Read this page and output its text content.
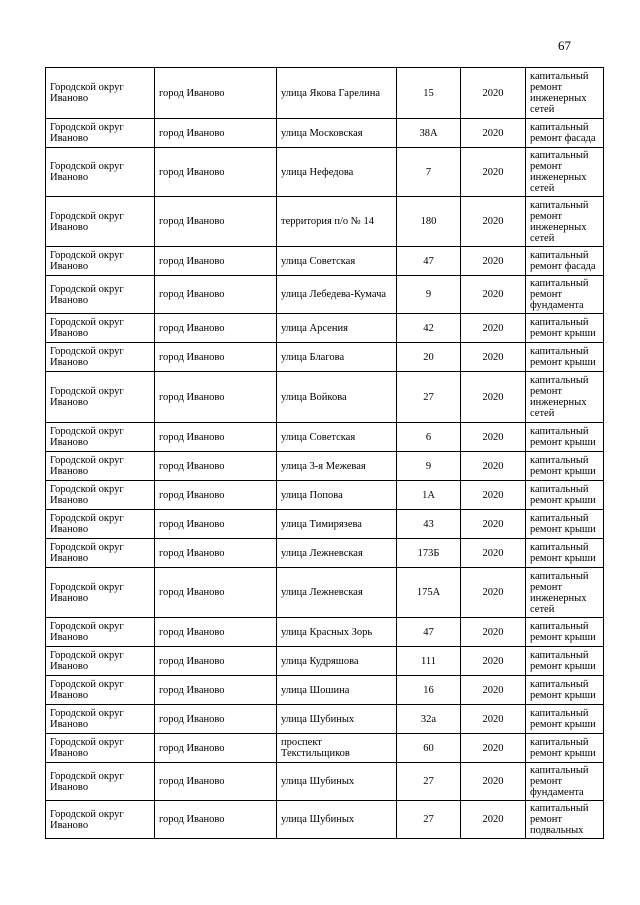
67
Городской округ Иваново	город Иваново	улица Якова Гарелина	15	2020	капитальный ремонт инженерных сетей
Городской округ Иваново	город Иваново	улица Московская	38А	2020	капитальный ремонт фасада
Городской округ Иваново	город Иваново	улица Нефедова	7	2020	капитальный ремонт инженерных сетей
Городской округ Иваново	город Иваново	территория п/о № 14	180	2020	капитальный ремонт инженерных сетей
Городской округ Иваново	город Иваново	улица Советская	47	2020	капитальный ремонт фасада
Городской округ Иваново	город Иваново	улица Лебедева-Кумача	9	2020	капитальный ремонт фундамента
Городской округ Иваново	город Иваново	улица Арсения	42	2020	капитальный ремонт крыши
Городской округ Иваново	город Иваново	улица Благова	20	2020	капитальный ремонт крыши
Городской округ Иваново	город Иваново	улица Войкова	27	2020	капитальный ремонт инженерных сетей
Городской округ Иваново	город Иваново	улица Советская	6	2020	капитальный ремонт крыши
Городской округ Иваново	город Иваново	улица 3-я Межевая	9	2020	капитальный ремонт крыши
Городской округ Иваново	город Иваново	улица Попова	1А	2020	капитальный ремонт крыши
Городской округ Иваново	город Иваново	улица Тимирязева	43	2020	капитальный ремонт крыши
Городской округ Иваново	город Иваново	улица Лежневская	173Б	2020	капитальный ремонт крыши
Городской округ Иваново	город Иваново	улица Лежневская	175А	2020	капитальный ремонт инженерных сетей
Городской округ Иваново	город Иваново	улица Красных Зорь	47	2020	капитальный ремонт крыши
Городской округ Иваново	город Иваново	улица Кудряшова	111	2020	капитальный ремонт крыши
Городской округ Иваново	город Иваново	улица Шошина	16	2020	капитальный ремонт крыши
Городской округ Иваново	город Иваново	улица Шубиных	32а	2020	капитальный ремонт крыши
Городской округ Иваново	город Иваново	проспект Текстильщиков	60	2020	капитальный ремонт крыши
Городской округ Иваново	город Иваново	улица Шубиных	27	2020	капитальный ремонт фундамента
Городской округ Иваново	город Иваново	улица Шубиных	27	2020	капитальный ремонт подвальных
